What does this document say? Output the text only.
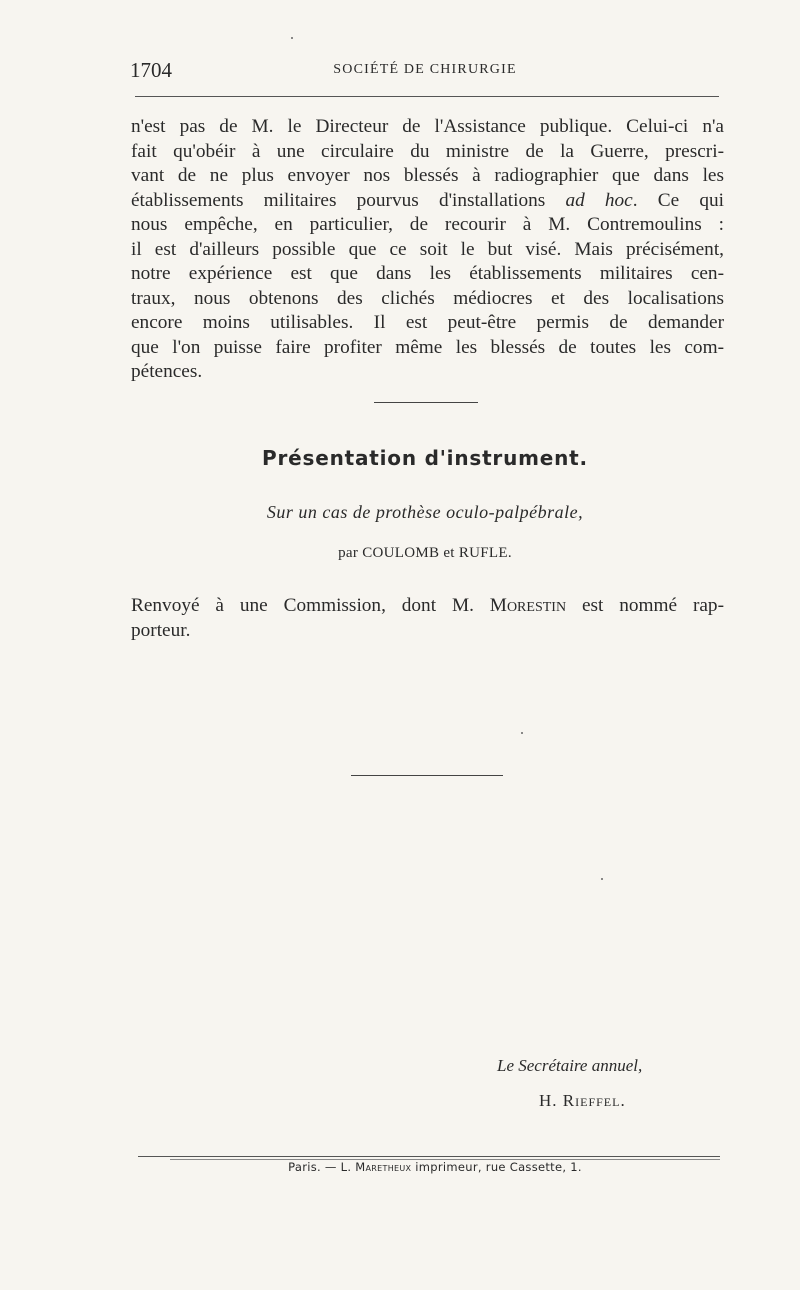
1704	SOCIÉTÉ DE CHIRURGIE

n'est pas de M. le Directeur de l'Assistance publique. Celui-ci n'a
fait qu'obéir à une circulaire du ministre de la Guerre, prescri-
vant de ne plus envoyer nos blessés à radiographier que dans les
établissements militaires pourvus d'installations ad hoc. Ce qui
nous empêche, en particulier, de recourir à M. Contremoulins :
il est d'ailleurs possible que ce soit le but visé. Mais précisément,
notre expérience est que dans les établissements militaires cen-
traux, nous obtenons des clichés médiocres et des localisations
encore moins utilisables. Il est peut-être permis de demander
que l'on puisse faire profiter même les blessés de toutes les com-
pétences.

Présentation d'instrument.
Sur un cas de prothèse oculo-palpébrale,
par COULOMB et RUFLE.

Renvoyé à une Commission, dont M. Morestin est nommé rap-
porteur.

Le Secrétaire annuel,
H. Rieffel.
Paris. — L. Maretheux imprimeur, rue Cassette, 1.
